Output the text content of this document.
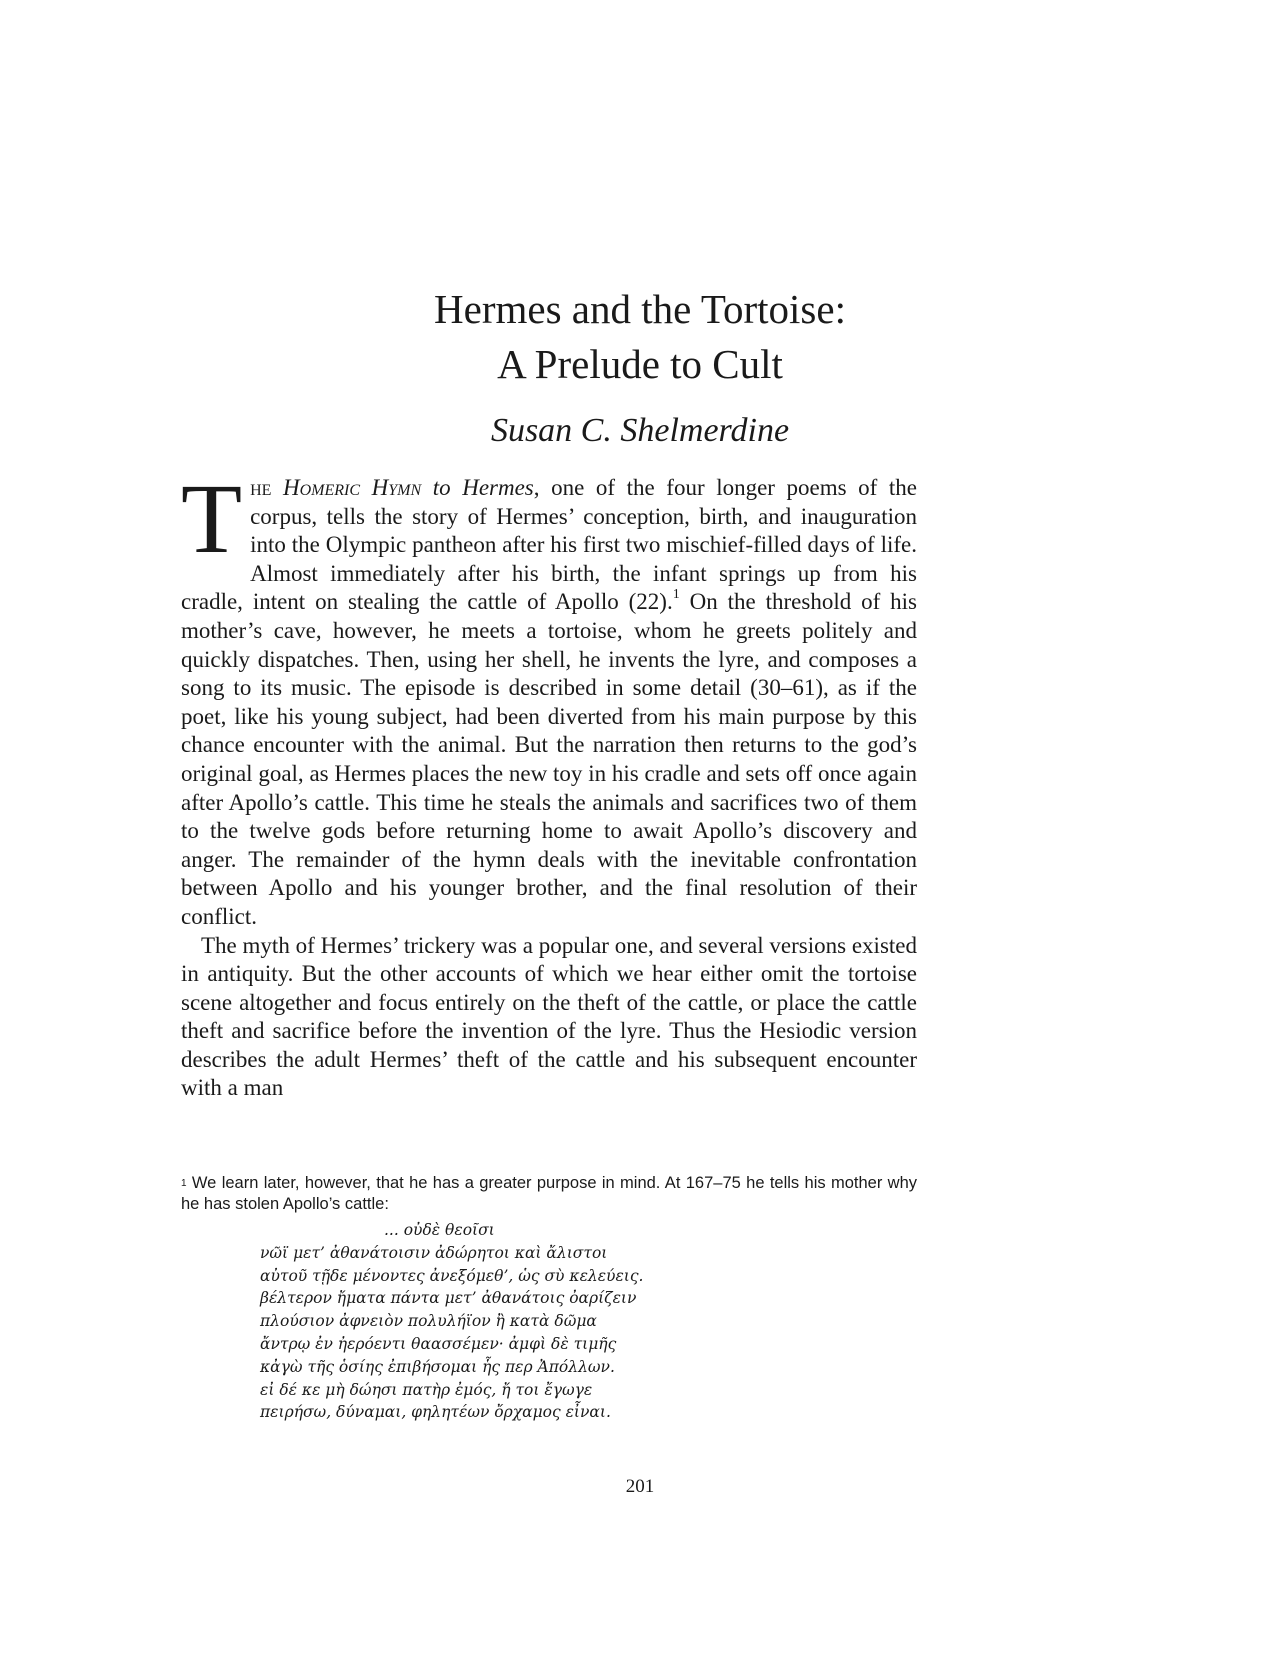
Hermes and the Tortoise:
A Prelude to Cult

Susan C. Shelmerdine

The Homeric Hymn to Hermes, one of the four longer poems of the corpus, tells the story of Hermes’ conception, birth, and inauguration into the Olympic pantheon after his first two mischief-filled days of life. Almost immediately after his birth, the infant springs up from his cradle, intent on stealing the cattle of Apollo (22).$^1$ On the threshold of his mother’s cave, however, he meets a tortoise, whom he greets politely and quickly dispatches. Then, using her shell, he invents the lyre, and composes a song to its music. The episode is described in some detail (30–61), as if the poet, like his young subject, had been diverted from his main purpose by this chance encounter with the animal. But the narration then returns to the god’s original goal, as Hermes places the new toy in his cradle and sets off once again after Apollo’s cattle. This time he steals the animals and sacrifices two of them to the twelve gods before returning home to await Apollo’s discovery and anger. The remainder of the hymn deals with the inevitable confrontation between Apollo and his younger brother, and the final resolution of their conflict.

The myth of Hermes’ trickery was a popular one, and several versions existed in antiquity. But the other accounts of which we hear either omit the tortoise scene altogether and focus entirely on the theft of the cattle, or place the cattle theft and sacrifice before the invention of the lyre. Thus the Hesiodic version describes the adult Hermes’ theft of the cattle and his subsequent encounter with a man

$^1$ We learn later, however, that he has a greater purpose in mind. At 167–75 he tells his mother why he has stolen Apollo’s cattle:
... οὐδὲ θεοῖσι
νῶϊ μετ’ ἀθανάτοισιν ἀδώρητοι καὶ ἄλιστοι
αὐτοῦ τῇδε μένοντες ἀνεξόμεθ’, ὡς σὺ κελεύεις.
βέλτερον ἤματα πάντα μετ’ ἀθανάτοις ὀαρίζειν
πλούσιον ἀφνειὸν πολυλήϊον ἢ κατὰ δῶμα
ἄντρῳ ἐν ἠερόεντι θαασσέμεν· ἀμφὶ δὲ τιμῆς
κἀγὼ τῆς ὁσίης ἐπιβήσομαι ἧς περ Ἀπόλλων.
εἰ δέ κε μὴ δώησι πατὴρ ἐμός, ἤ τοι ἔγωγε
πειρήσω, δύναμαι, φηλητέων ὄρχαμος εἶναι.
201
